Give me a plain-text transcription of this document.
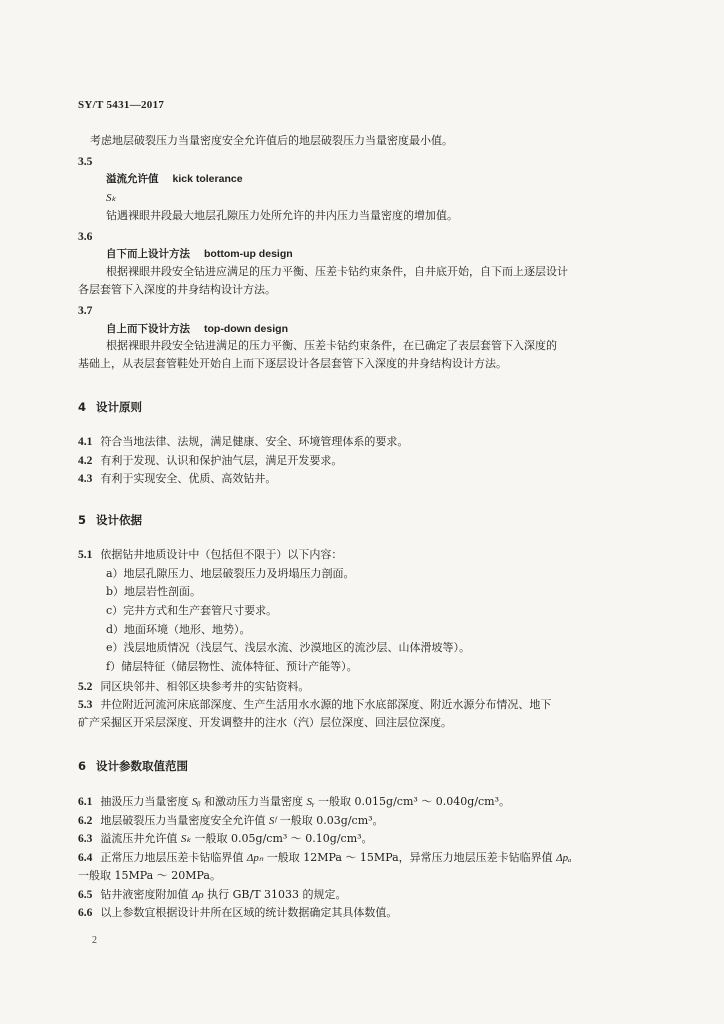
SY/T 5431—2017
考虑地层破裂压力当量密度安全允许值后的地层破裂压力当量密度最小值。
3.5
溢流允许值 kick tolerance
Sₖ
钻遇裸眼井段最大地层孔隙压力处所允许的井内压力当量密度的增加值。
3.6
自下而上设计方法 bottom-up design
根据裸眼井段安全钻进应满足的压力平衡、压差卡钻约束条件，自井底开始，自下而上逐层设计
各层套管下入深度的井身结构设计方法。
3.7
自上而下设计方法 top-down design
根据裸眼井段安全钻进满足的压力平衡、压差卡钻约束条件，在已确定了表层套管下入深度的
基础上，从表层套管鞋处开始自上而下逐层设计各层套管下入深度的井身结构设计方法。
4 设计原则
4.1 符合当地法律、法规，满足健康、安全、环境管理体系的要求。
4.2 有利于发现、认识和保护油气层，满足开发要求。
4.3 有利于实现安全、优质、高效钻井。
5 设计依据
5.1 依据钻井地质设计中（包括但不限于）以下内容：
a）地层孔隙压力、地层破裂压力及坍塌压力剖面。
b）地层岩性剖面。
c）完井方式和生产套管尺寸要求。
d）地面环境（地形、地势）。
e）浅层地质情况（浅层气、浅层水流、沙漠地区的流沙层、山体滑坡等）。
f）储层特征（储层物性、流体特征、预计产能等）。
5.2 同区块邻井、相邻区块参考井的实钻资料。
5.3 井位附近河流河床底部深度、生产生活用水水源的地下水底部深度、附近水源分布情况、地下
矿产采掘区开采层深度、开发调整井的注水（汽）层位深度、回注层位深度。
6 设计参数取值范围
6.1 抽汲压力当量密度 Sᵦ 和激动压力当量密度 Sᵧ 一般取 0.015g/cm³ ～ 0.040g/cm³。
6.2 地层破裂压力当量密度安全允许值 Sᶠ 一般取 0.03g/cm³。
6.3 溢流压井允许值 Sₖ 一般取 0.05g/cm³ ～ 0.10g/cm³。
6.4 正常压力地层压差卡钻临界值 Δpₙ 一般取 12MPa ～ 15MPa，异常压力地层压差卡钻临界值 Δpₐ
一般取 15MPa ～ 20MPa。
6.5 钻井液密度附加值 Δρ 执行 GB/T 31033 的规定。
6.6 以上参数宜根据设计井所在区域的统计数据确定其具体数值。
2
